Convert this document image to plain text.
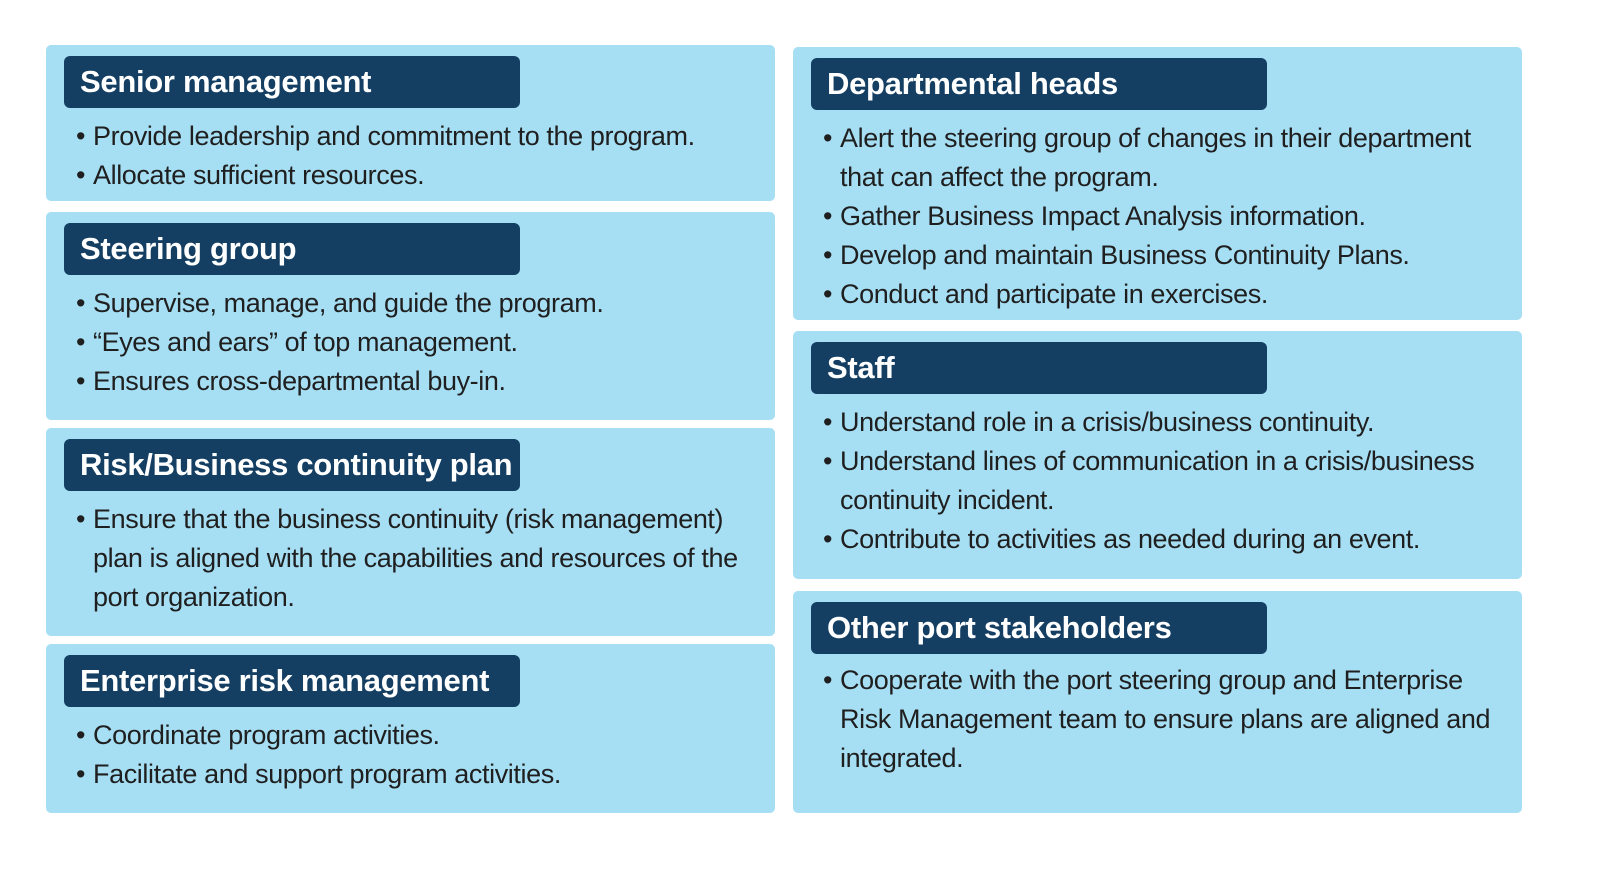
Senior management
• Provide leadership and commitment to the program.
• Allocate sufficient resources.
Steering group
• Supervise, manage, and guide the program.
• “Eyes and ears” of top management.
• Ensures cross-departmental buy-in.
Risk/Business continuity plan
• Ensure that the business continuity (risk management) plan is aligned with the capabilities and resources of the port organization.
Enterprise risk management
• Coordinate program activities.
• Facilitate and support program activities.
Departmental heads
• Alert the steering group of changes in their department that can affect the program.
• Gather Business Impact Analysis information.
• Develop and maintain Business Continuity Plans.
• Conduct and participate in exercises.
Staff
• Understand role in a crisis/business continuity.
• Understand lines of communication in a crisis/business continuity incident.
• Contribute to activities as needed during an event.
Other port stakeholders
• Cooperate with the port steering group and Enterprise Risk Management team to ensure plans are aligned and integrated.
